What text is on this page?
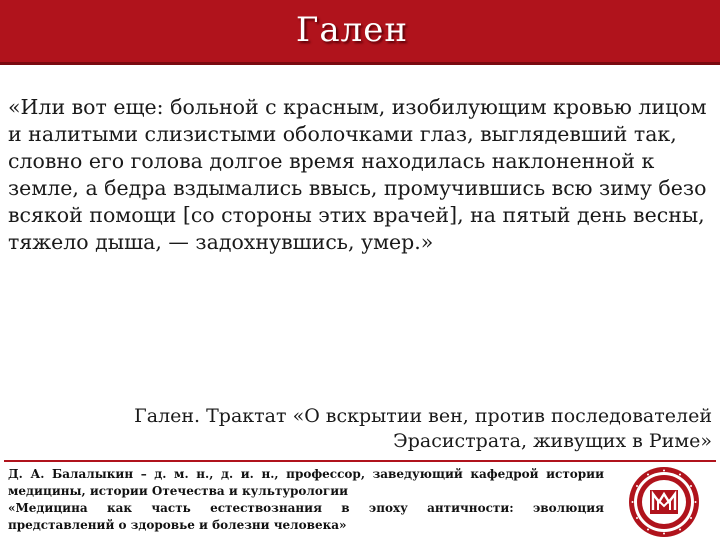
Гален

«Или вот еще: больной с красным, изобилующим кровью лицом и налитыми слизистыми оболочками глаз, выглядевший так, словно его голова долгое время находилась наклоненной к земле, а бедра вздымались ввысь, промучившись всю зиму безо всякой помощи [со стороны этих врачей], на пятый день весны, тяжело дыша, — задохнувшись, умер.»

Гален. Трактат «О вскрытии вен, против последователей
Эрасистрата, живущих в Риме»
Д. А. Балалыкин – д. м. н., д. и. н., профессор, заведующий кафедрой истории медицины, истории Отечества и культурологии
«Медицина как часть естествознания в эпоху античности: эволюция представлений о здоровье и болезни человека»
